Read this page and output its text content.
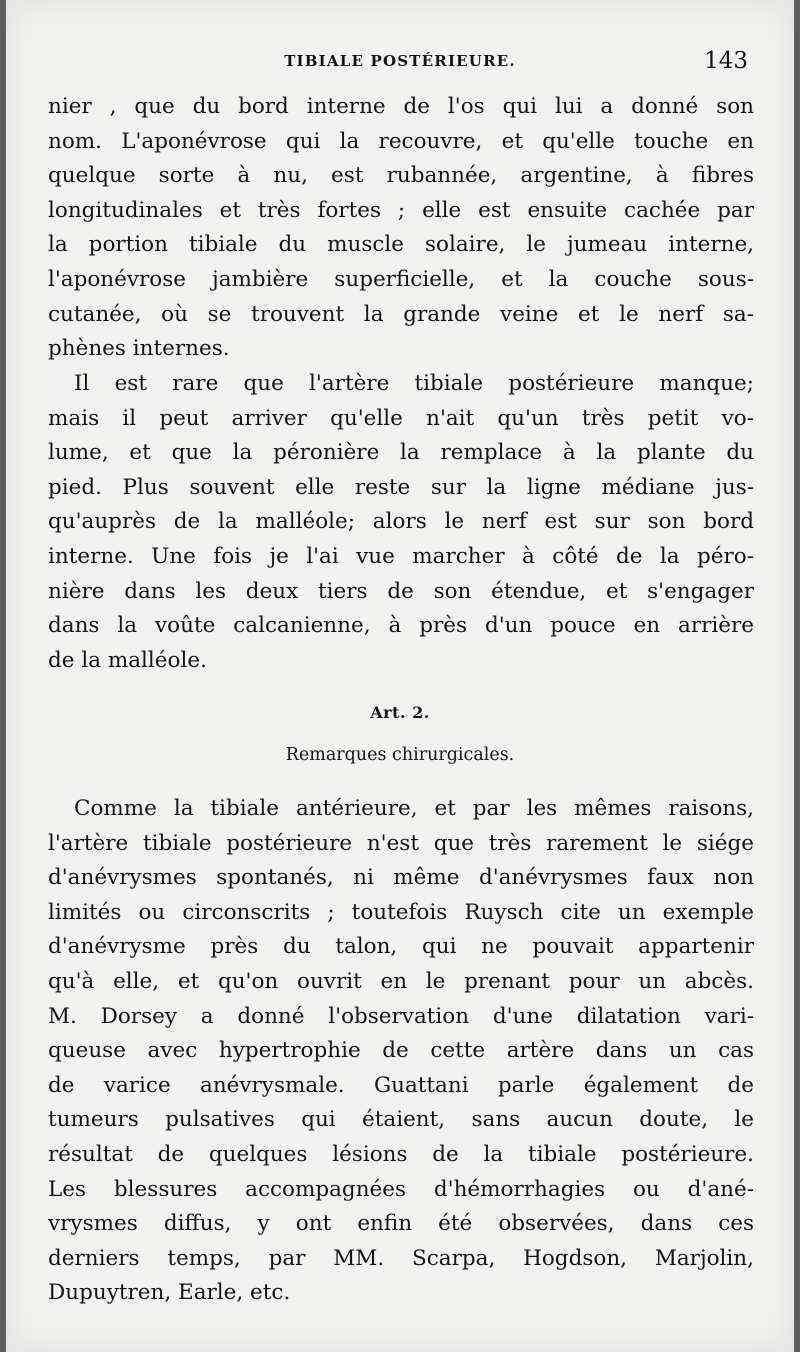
TIBIALE POSTÉRIEURE.	143
nier , que du bord interne de l'os qui lui a donné son
nom. L'aponévrose qui la recouvre, et qu'elle touche en
quelque sorte à nu, est rubannée, argentine, à fibres
longitudinales et très fortes ; elle est ensuite cachée par
la portion tibiale du muscle solaire, le jumeau interne,
l'aponévrose jambière superficielle, et la couche sous-
cutanée, où se trouvent la grande veine et le nerf sa-
phènes internes.
Il est rare que l'artère tibiale postérieure manque;
mais il peut arriver qu'elle n'ait qu'un très petit vo-
lume, et que la péronière la remplace à la plante du
pied. Plus souvent elle reste sur la ligne médiane jus-
qu'auprès de la malléole; alors le nerf est sur son bord
interne. Une fois je l'ai vue marcher à côté de la péro-
nière dans les deux tiers de son étendue, et s'engager
dans la voûte calcanienne, à près d'un pouce en arrière
de la malléole.
Art. 2.
Remarques chirurgicales.
Comme la tibiale antérieure, et par les mêmes raisons,
l'artère tibiale postérieure n'est que très rarement le siége
d'anévrysmes spontanés, ni même d'anévrysmes faux non
limités ou circonscrits ; toutefois Ruysch cite un exemple
d'anévrysme près du talon, qui ne pouvait appartenir
qu'à elle, et qu'on ouvrit en le prenant pour un abcès.
M. Dorsey a donné l'observation d'une dilatation vari-
queuse avec hypertrophie de cette artère dans un cas
de varice anévrysmale. Guattani parle également de
tumeurs pulsatives qui étaient, sans aucun doute, le
résultat de quelques lésions de la tibiale postérieure.
Les blessures accompagnées d'hémorrhagies ou d'ané-
vrysmes diffus, y ont enfin été observées, dans ces
derniers temps, par MM. Scarpa, Hogdson, Marjolin,
Dupuytren, Earle, etc.
